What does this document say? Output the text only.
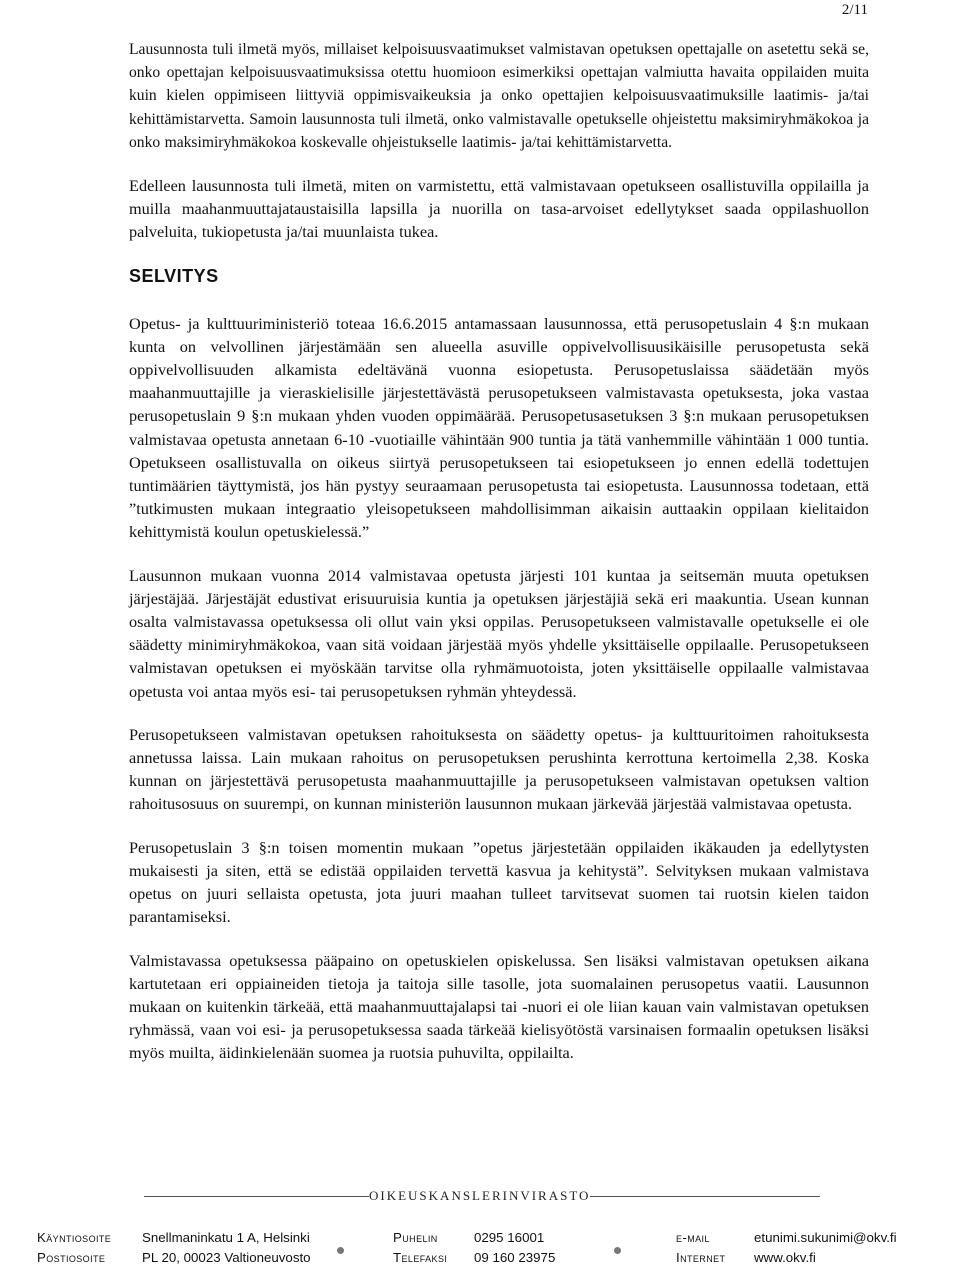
2/11

Lausunnosta tuli ilmetä myös, millaiset kelpoisuusvaatimukset valmistavan opetuksen opettajalle on asetettu sekä se, onko opettajan kelpoisuusvaatimuksissa otettu huomioon esimerkiksi opettajan valmiutta havaita oppilaiden muita kuin kielen oppimiseen liittyviä oppimisvaikeuksia ja onko opettajien kelpoisuusvaatimuksille laatimis- ja/tai kehittämistarvetta. Samoin lausunnosta tuli ilmetä, onko valmistavalle opetukselle ohjeistettu maksimiryhmäkokoa ja onko maksimiryhmäkokoa koskevalle ohjeistukselle laatimis- ja/tai kehittämistarvetta.

Edelleen lausunnosta tuli ilmetä, miten on varmistettu, että valmistavaan opetukseen osallistuvilla oppilailla ja muilla maahanmuuttajataustaisilla lapsilla ja nuorilla on tasa-arvoiset edellytykset saada oppilashuollon palveluita, tukiopetusta ja/tai muunlaista tukea.

SELVITYS

Opetus- ja kulttuuriministeriö toteaa 16.6.2015 antamassaan lausunnossa, että perusopetuslain 4 §:n mukaan kunta on velvollinen järjestämään sen alueella asuville oppivelvollisuusikäisille perusopetusta sekä oppivelvollisuuden alkamista edeltävänä vuonna esiopetusta. Perusopetuslaissa säädetään myös maahanmuuttajille ja vieraskielisille järjestettävästä perusopetukseen valmistavasta opetuksesta, joka vastaa perusopetuslain 9 §:n mukaan yhden vuoden oppimäärää. Perusopetusasetuksen 3 §:n mukaan perusopetuksen valmistavaa opetusta annetaan 6-10 -vuotiaille vähintään 900 tuntia ja tätä vanhemmille vähintään 1 000 tuntia. Opetukseen osallistuvalla on oikeus siirtyä perusopetukseen tai esiopetukseen jo ennen edellä todettujen tuntimäärien täyttymistä, jos hän pystyy seuraamaan perusopetusta tai esiopetusta. Lausunnossa todetaan, että ”tutkimusten mukaan integraatio yleisopetukseen mahdollisimman aikaisin auttaakin oppilaan kielitaidon kehittymistä koulun opetuskielessä.”

Lausunnon mukaan vuonna 2014 valmistavaa opetusta järjesti 101 kuntaa ja seitsemän muuta opetuksen järjestäjää. Järjestäjät edustivat erisuuruisia kuntia ja opetuksen järjestäjiä sekä eri maakuntia. Usean kunnan osalta valmistavassa opetuksessa oli ollut vain yksi oppilas. Perusopetukseen valmistavalle opetukselle ei ole säädetty minimiryhmäkokoa, vaan sitä voidaan järjestää myös yhdelle yksittäiselle oppilaalle. Perusopetukseen valmistavan opetuksen ei myöskään tarvitse olla ryhmämuotoista, joten yksittäiselle oppilaalle valmistavaa opetusta voi antaa myös esi- tai perusopetuksen ryhmän yhteydessä.

Perusopetukseen valmistavan opetuksen rahoituksesta on säädetty opetus- ja kulttuuritoimen rahoituksesta annetussa laissa. Lain mukaan rahoitus on perusopetuksen perushinta kerrottuna kertoimella 2,38. Koska kunnan on järjestettävä perusopetusta maahanmuuttajille ja perusopetukseen valmistavan opetuksen valtion rahoitusosuus on suurempi, on kunnan ministeriön lausunnon mukaan järkevää järjestää valmistavaa opetusta.

Perusopetuslain 3 §:n toisen momentin mukaan ”opetus järjestetään oppilaiden ikäkauden ja edellytysten mukaisesti ja siten, että se edistää oppilaiden tervettä kasvua ja kehitystä”. Selvityksen mukaan valmistava opetus on juuri sellaista opetusta, jota juuri maahan tulleet tarvitsevat suomen tai ruotsin kielen taidon parantamiseksi.

Valmistavassa opetuksessa pääpaino on opetuskielen opiskelussa. Sen lisäksi valmistavan opetuksen aikana kartutetaan eri oppiaineiden tietoja ja taitoja sille tasolle, jota suomalainen perusopetus vaatii. Lausunnon mukaan on kuitenkin tärkeää, että maahanmuuttajalapsi tai -nuori ei ole liian kauan vain valmistavan opetuksen ryhmässä, vaan voi esi- ja perusopetuksessa saada tärkeää kielisyötöstä varsinaisen formaalin opetuksen lisäksi myös muilta, äidinkielenään suomea ja ruotsia puhuvilta, oppilailta.

OIKEUSKANSLERINVIRASTO
Käyntiosoite Snellmaninkatu 1 A, Helsinki
Postiosoite	PL 20, 00023 Valtioneuvosto
Puhelin	0295 16001
Telefaksi 09 160 23975
e-mail	etunimi.sukunimi@okv.fi
Internet www.okv.fi
